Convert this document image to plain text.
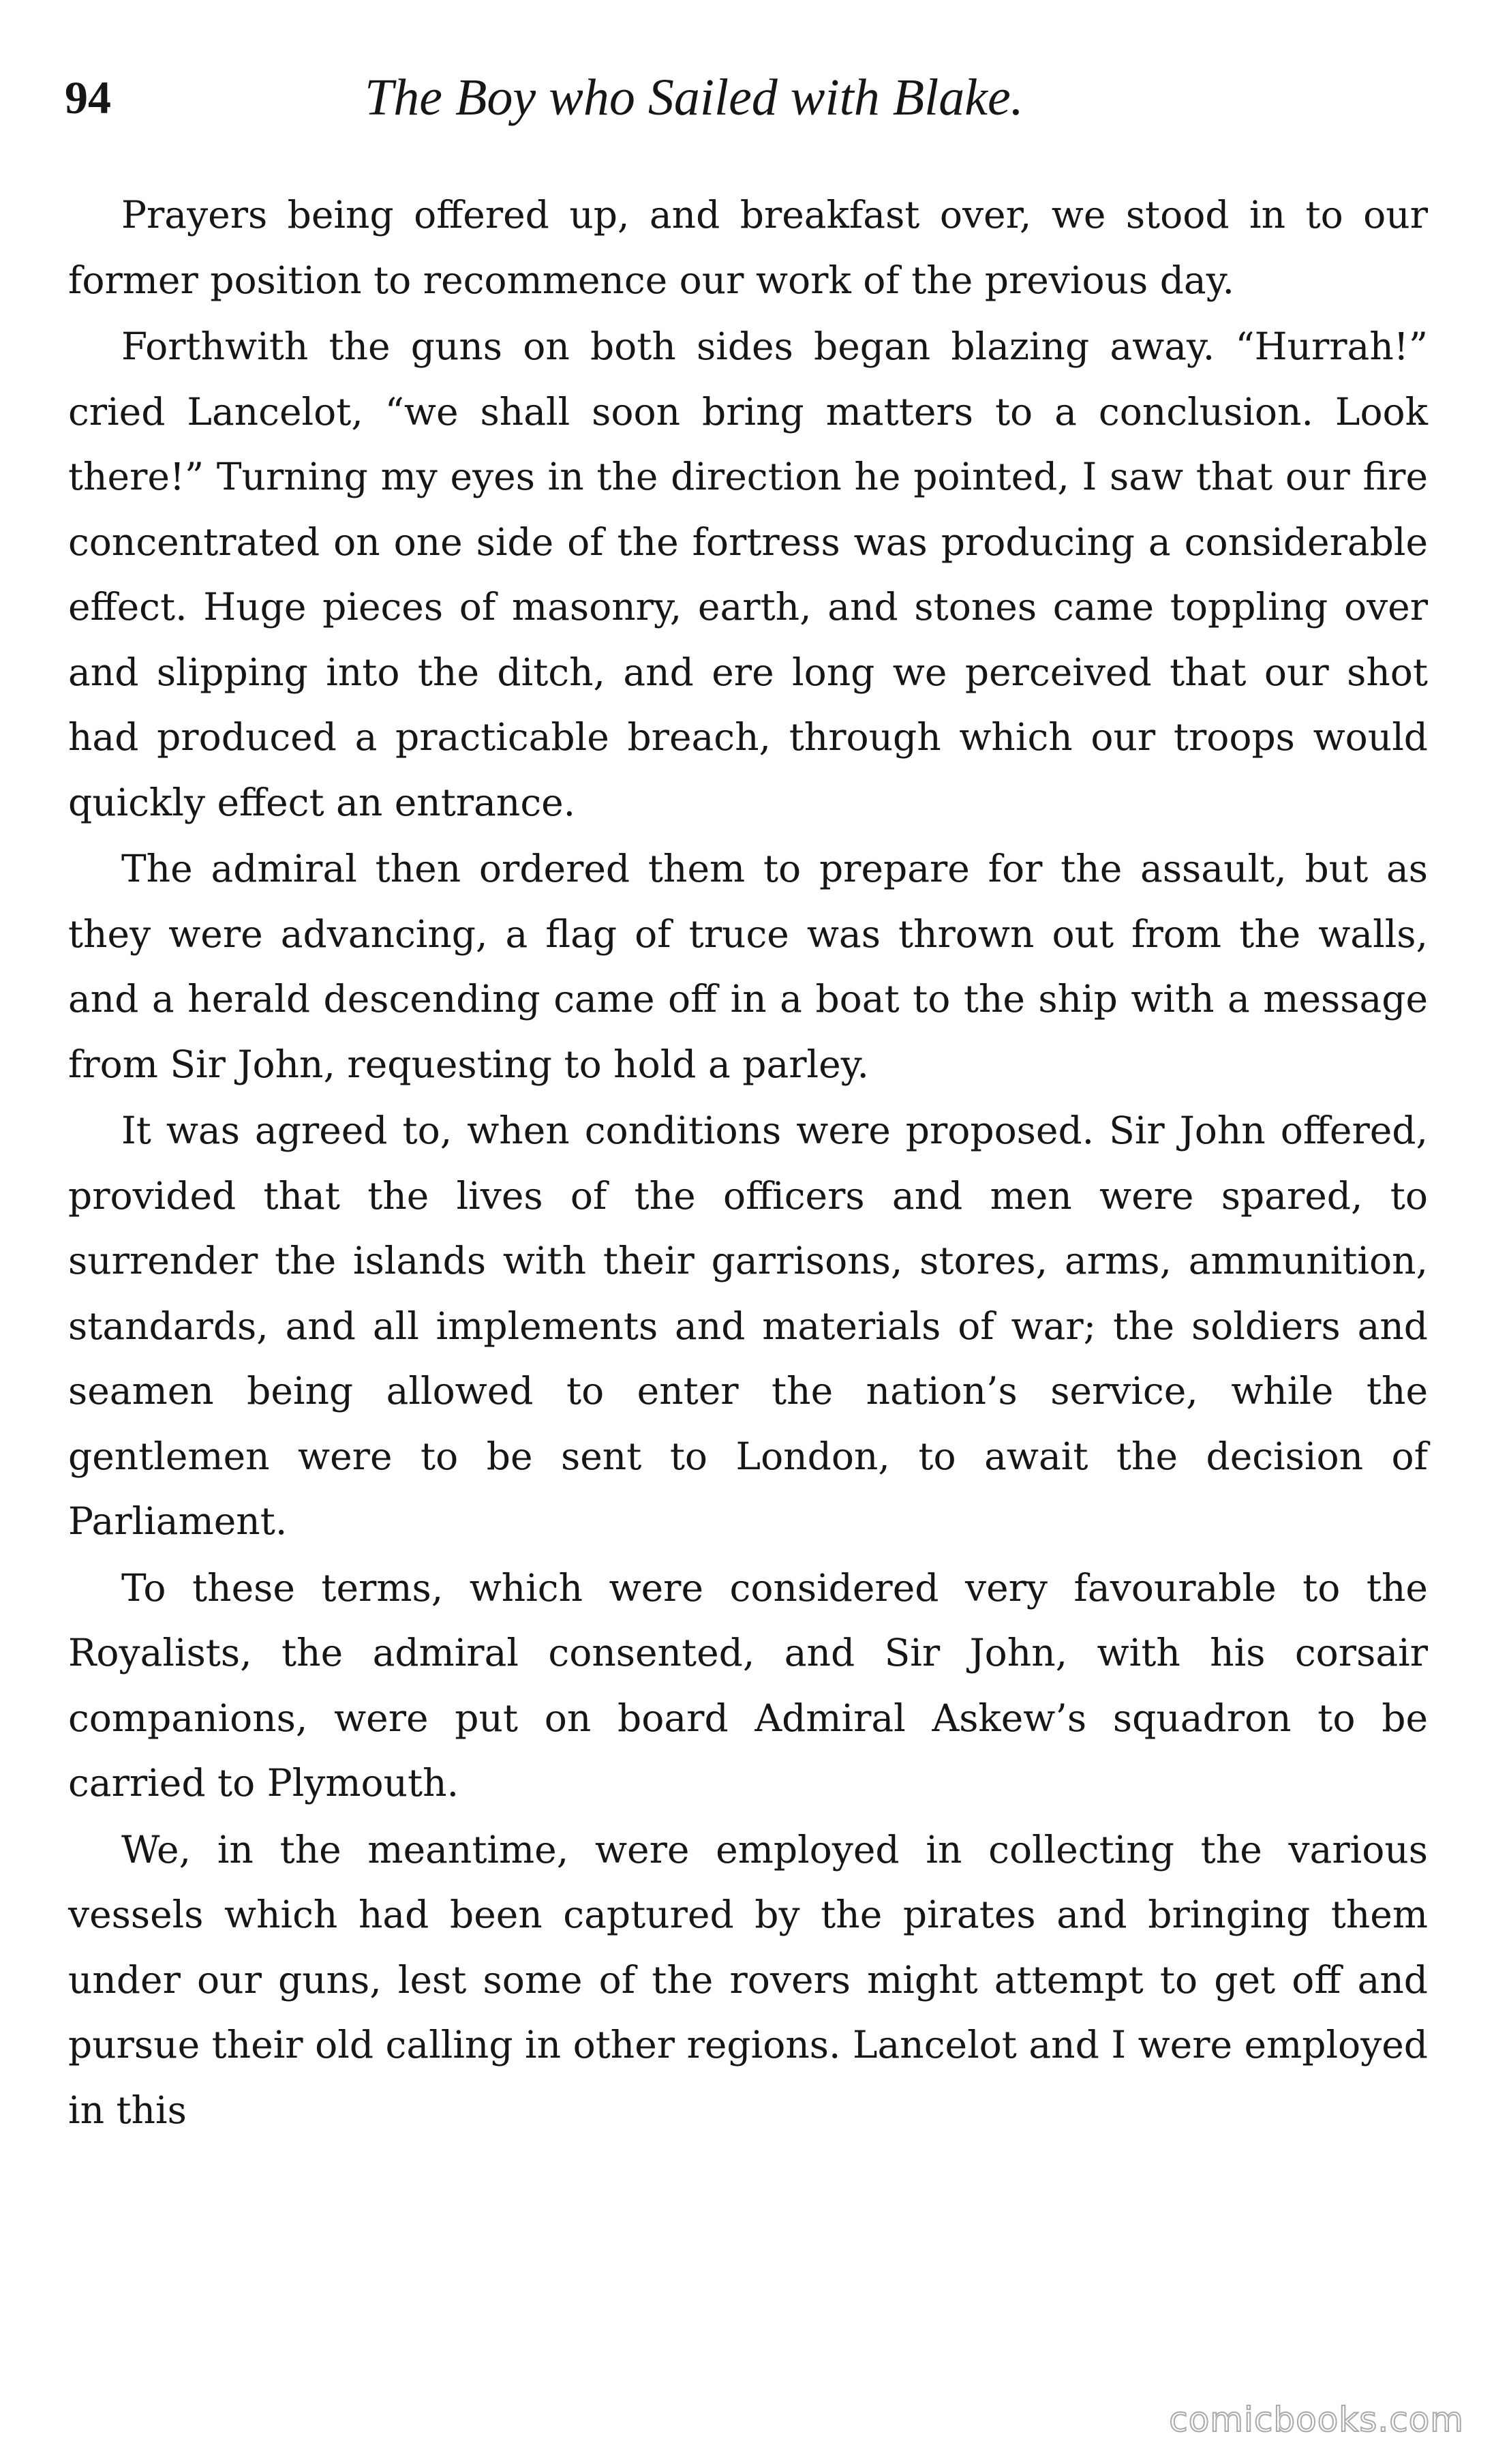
94	The Boy who Sailed with Blake.

Prayers being offered up, and breakfast over, we stood in to our former position to recommence our work of the previous day.

Forthwith the guns on both sides began blazing away. “Hurrah!” cried Lancelot, “we shall soon bring matters to a conclusion. Look there!” Turning my eyes in the direction he pointed, I saw that our fire concentrated on one side of the fortress was producing a considerable effect. Huge pieces of masonry, earth, and stones came toppling over and slipping into the ditch, and ere long we perceived that our shot had produced a practicable breach, through which our troops would quickly effect an entrance.

The admiral then ordered them to prepare for the assault, but as they were advancing, a flag of truce was thrown out from the walls, and a herald descending came off in a boat to the ship with a message from Sir John, requesting to hold a parley.

It was agreed to, when conditions were proposed. Sir John offered, provided that the lives of the officers and men were spared, to surrender the islands with their garrisons, stores, arms, ammunition, standards, and all implements and materials of war; the soldiers and seamen being allowed to enter the nation’s service, while the gentlemen were to be sent to London, to await the decision of Parliament.

To these terms, which were considered very favourable to the Royalists, the admiral consented, and Sir John, with his corsair companions, were put on board Admiral Askew’s squadron to be carried to Plymouth.

We, in the meantime, were employed in collecting the various vessels which had been captured by the pirates and bringing them under our guns, lest some of the rovers might attempt to get off and pursue their old calling in other regions. Lancelot and I were employed in this

comicbooks.com
